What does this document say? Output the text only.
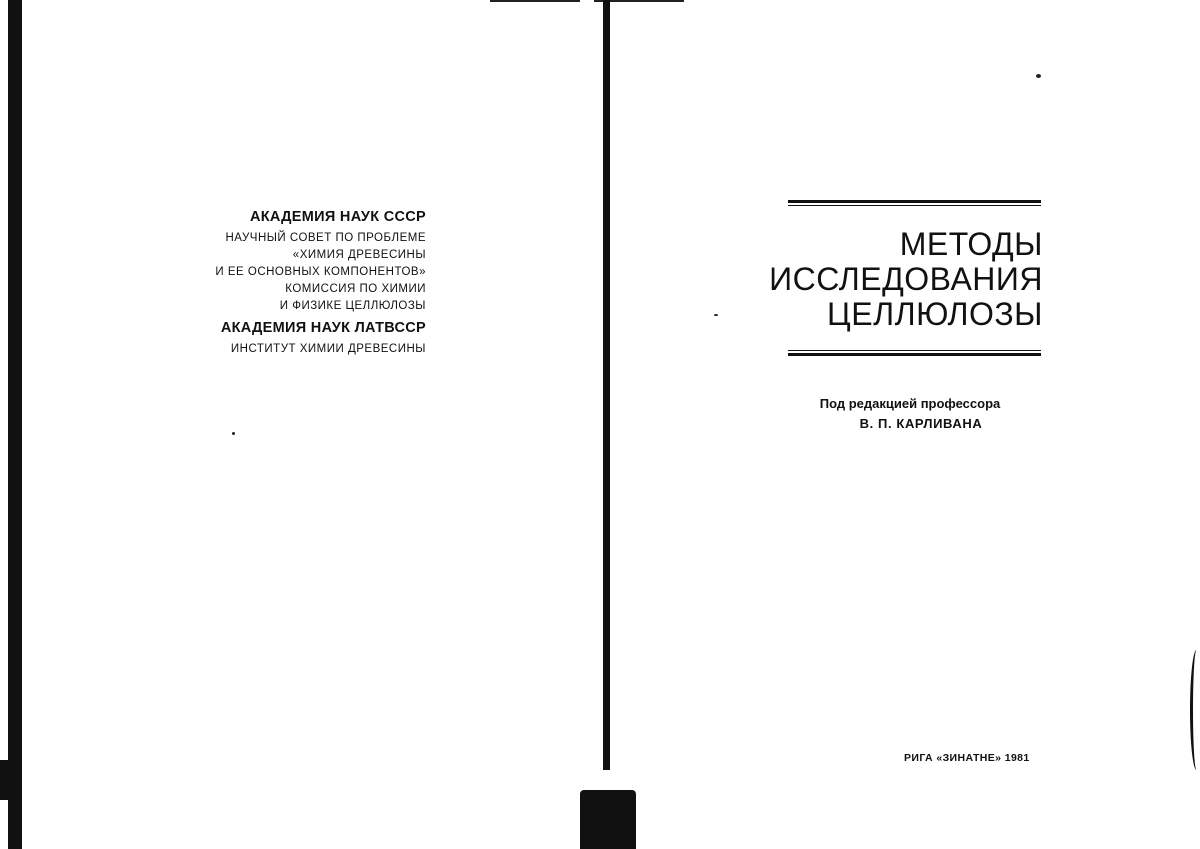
АКАДЕМИЯ НАУК СССР

НАУЧНЫЙ СОВЕТ ПО ПРОБЛЕМЕ

«ХИМИЯ ДРЕВЕСИНЫ

И ЕЕ ОСНОВНЫХ КОМПОНЕНТОВ»

КОМИССИЯ ПО ХИМИИ

И ФИЗИКЕ ЦЕЛЛЮЛОЗЫ

АКАДЕМИЯ НАУК ЛАТВССР

ИНСТИТУТ ХИМИИ ДРЕВЕСИНЫ

МЕТОДЫ

ИССЛЕДОВАНИЯ

ЦЕЛЛЮЛОЗЫ

Под редакцией профессора

В. П. КАРЛИВАНА

РИГА «ЗИНАТНЕ» 1981
